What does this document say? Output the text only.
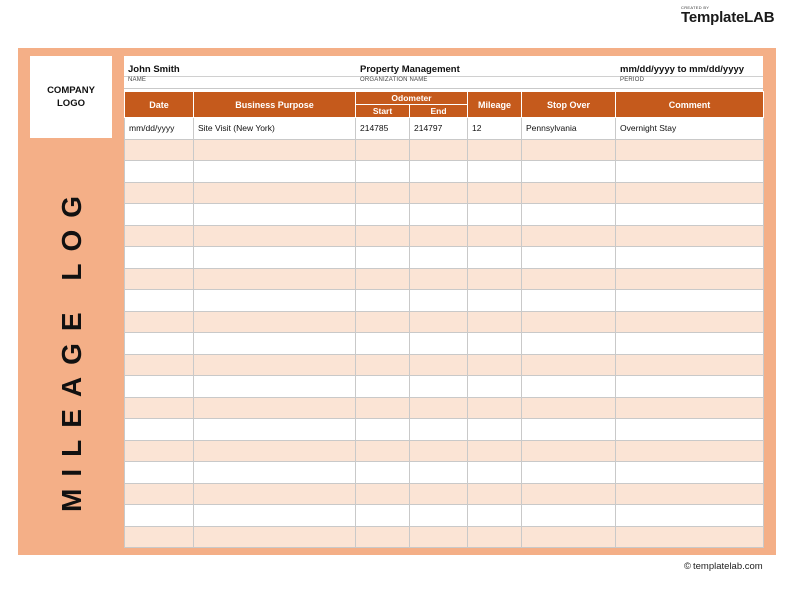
CREATED BY
TemplateLAB
COMPANY
LOGO
MILEAGE LOG
John Smith
NAME
Property Management
ORGANIZATION NAME
mm/dd/yyyy to mm/dd/yyyy
PERIOD
Date	Business Purpose	Odometer		Mileage	Stop Over	Comment
		Start	End			
mm/dd/yyyy	Site Visit (New York)	214785	214797	12	Pennsylvania	Overnight Stay

© templatelab.com
